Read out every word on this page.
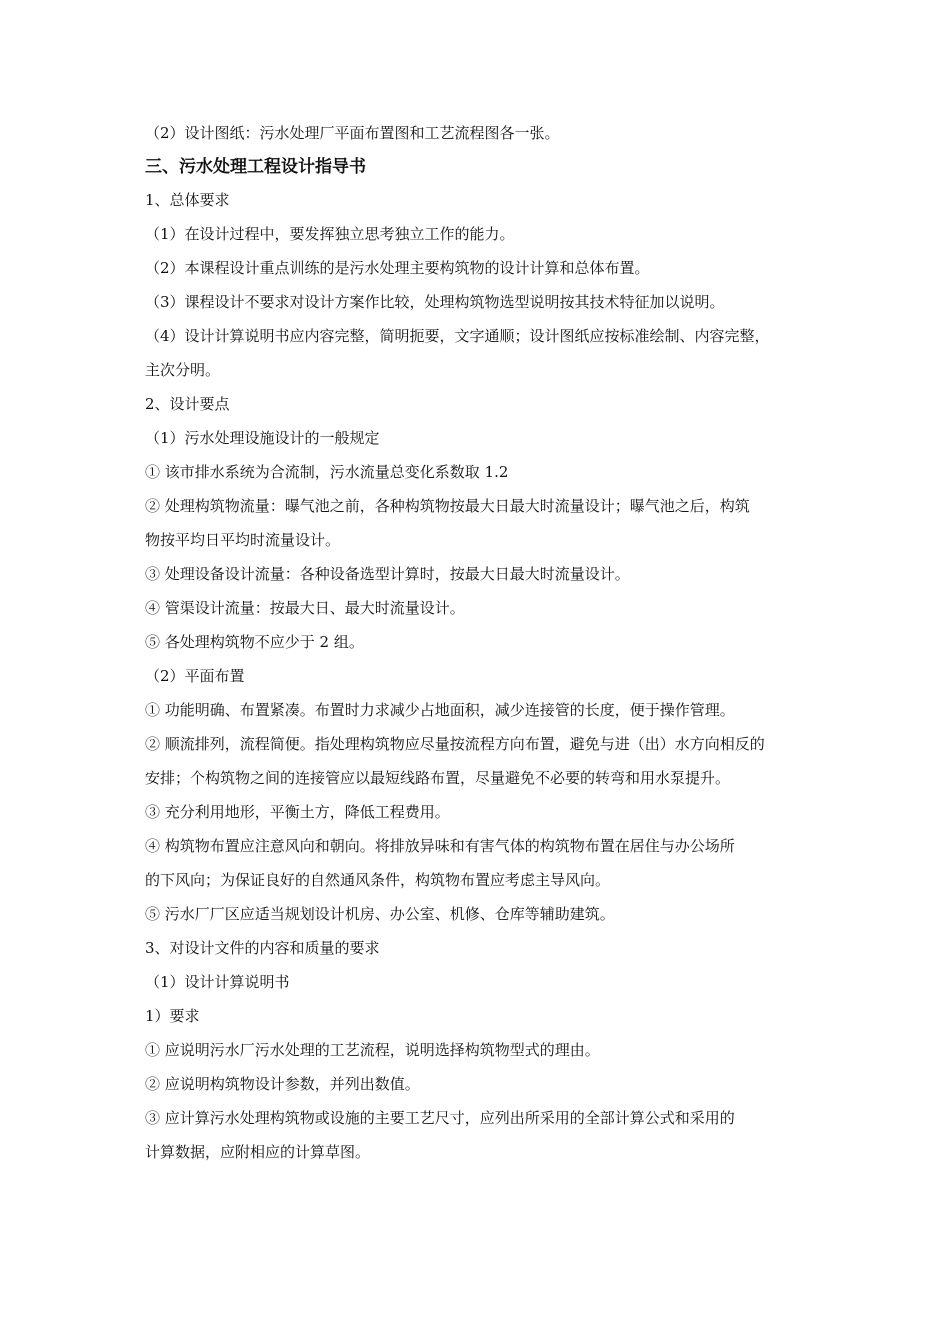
（2）设计图纸：污水处理厂平面布置图和工艺流程图各一张。
三、污水处理工程设计指导书
1、总体要求
（1）在设计过程中，要发挥独立思考独立工作的能力。
（2）本课程设计重点训练的是污水处理主要构筑物的设计计算和总体布置。
（3）课程设计不要求对设计方案作比较，处理构筑物选型说明按其技术特征加以说明。
（4）设计计算说明书应内容完整，简明扼要，文字通顺；设计图纸应按标准绘制、内容完整，
主次分明。
2、设计要点
（1）污水处理设施设计的一般规定
① 该市排水系统为合流制，污水流量总变化系数取 1.2
② 处理构筑物流量：曝气池之前，各种构筑物按最大日最大时流量设计；曝气池之后，构筑
物按平均日平均时流量设计。
③ 处理设备设计流量：各种设备选型计算时，按最大日最大时流量设计。
④ 管渠设计流量：按最大日、最大时流量设计。
⑤ 各处理构筑物不应少于 2 组。
（2）平面布置
① 功能明确、布置紧凑。布置时力求减少占地面积，减少连接管的长度，便于操作管理。
② 顺流排列，流程简便。指处理构筑物应尽量按流程方向布置，避免与进（出）水方向相反的
安排；个构筑物之间的连接管应以最短线路布置，尽量避免不必要的转弯和用水泵提升。
③ 充分利用地形，平衡土方，降低工程费用。
④ 构筑物布置应注意风向和朝向。将排放异味和有害气体的构筑物布置在居住与办公场所
的下风向；为保证良好的自然通风条件，构筑物布置应考虑主导风向。
⑤ 污水厂厂区应适当规划设计机房、办公室、机修、仓库等辅助建筑。
3、对设计文件的内容和质量的要求
（1）设计计算说明书
1）要求
① 应说明污水厂污水处理的工艺流程，说明选择构筑物型式的理由。
② 应说明构筑物设计参数，并列出数值。
③ 应计算污水处理构筑物或设施的主要工艺尺寸，应列出所采用的全部计算公式和采用的
计算数据，应附相应的计算草图。
